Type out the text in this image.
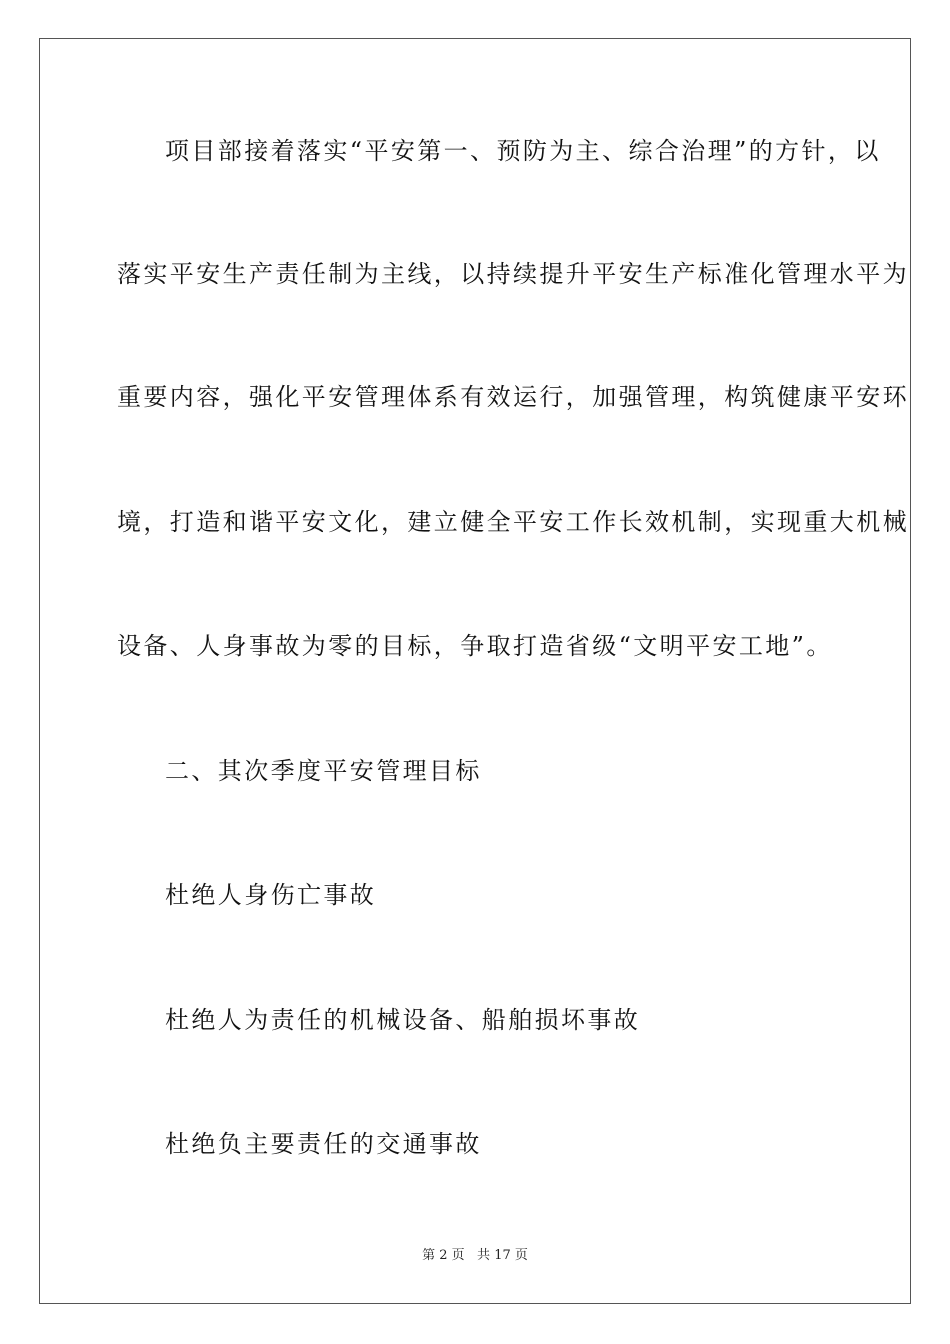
项目部接着落实“平安第一、预防为主、综合治理”的方针，以
落实平安生产责任制为主线，以持续提升平安生产标准化管理水平为
重要内容，强化平安管理体系有效运行，加强管理，构筑健康平安环
境，打造和谐平安文化，建立健全平安工作长效机制，实现重大机械
设备、人身事故为零的目标，争取打造省级“文明平安工地”。
二、其次季度平安管理目标
杜绝人身伤亡事故
杜绝人为责任的机械设备、船舶损坏事故
杜绝负主要责任的交通事故
第 2 页   共 17 页
